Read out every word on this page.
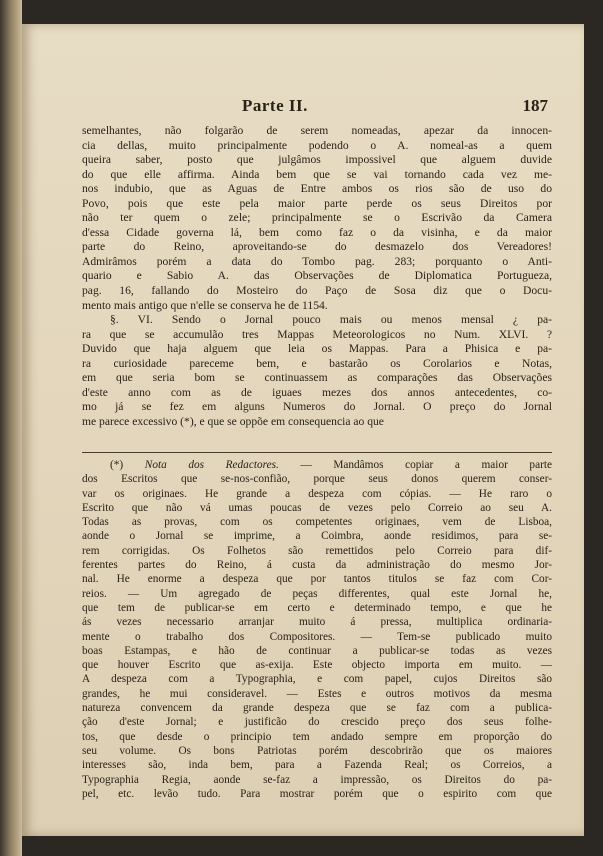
Parte II.	187
semelhantes, não folgarão de serem nomeadas, apezar da innocen-
cia dellas, muito principalmente podendo o A. nomeal-as a quem
queira saber, posto que julgâmos impossivel que alguem duvide
do que elle affirma. Ainda bem que se vai tornando cada vez me-
nos indubio, que as Aguas de Entre ambos os rios são de uso do
Povo, pois que este pela maior parte perde os seus Direitos por
não ter quem o zele; principalmente se o Escrivão da Camera
d'essa Cidade governa lá, bem como faz o da visinha, e da maior
parte do Reino, aproveitando-se do desmazelo dos Vereadores!
Admirâmos porém a data do Tombo pag. 283; porquanto o Anti-
quario e Sabio A. das Observações de Diplomatica Portugueza,
pag. 16, fallando do Mosteiro do Paço de Sosa diz que o Docu-
mento mais antigo que n'elle se conserva he de 1154.
§. VI. Sendo o Jornal pouco mais ou menos mensal ¿ pa-
ra que se accumulão tres Mappas Meteorologicos no Num. XLVI. ?
Duvido que haja alguem que leia os Mappas. Para a Phisica e pa-
ra curiosidade pareceme bem, e bastarão os Corolarios e Notas,
em que seria bom se continuassem as comparações das Observações
d'este anno com as de iguaes mezes dos annos antecedentes, co-
mo já se fez em alguns Numeros do Jornal. O preço do Jornal
me parece excessivo (*), e que se oppõe em consequencia ao que
(*) Nota dos Redactores. — Mandâmos copiar a maior parte
dos Escritos que se-nos-confião, porque seus donos querem conser-
var os originaes. He grande a despeza com cópias. — He raro o
Escrito que não vá umas poucas de vezes pelo Correio ao seu A.
Todas as provas, com os competentes originaes, vem de Lisboa,
aonde o Jornal se imprime, a Coimbra, aonde residimos, para se-
rem corrigidas. Os Folhetos são remettidos pelo Correio para dif-
ferentes partes do Reino, á custa da administração do mesmo Jor-
nal. He enorme a despeza que por tantos titulos se faz com Cor-
reios. — Um agregado de peças differentes, qual este Jornal he,
que tem de publicar-se em certo e determinado tempo, e que he
ás vezes necessario arranjar muito á pressa, multiplica ordinaria-
mente o trabalho dos Compositores. — Tem-se publicado muito
boas Estampas, e hão de continuar a publicar-se todas as vezes
que houver Escrito que as-exija. Este objecto importa em muito. —
A despeza com a Typographia, e com papel, cujos Direitos são
grandes, he mui consideravel. — Estes e outros motivos da mesma
natureza convencem da grande despeza que se faz com a publica-
ção d'este Jornal; e justificão do crescido preço dos seus folhe-
tos, que desde o principio tem andado sempre em proporção do
seu volume. Os bons Patriotas porém descobrirão que os maiores
interesses são, inda bem, para a Fazenda Real; os Correios, a
Typographia Regia, aonde se-faz a impressão, os Direitos do pa-
pel, etc. levão tudo. Para mostrar porém que o espirito com que
